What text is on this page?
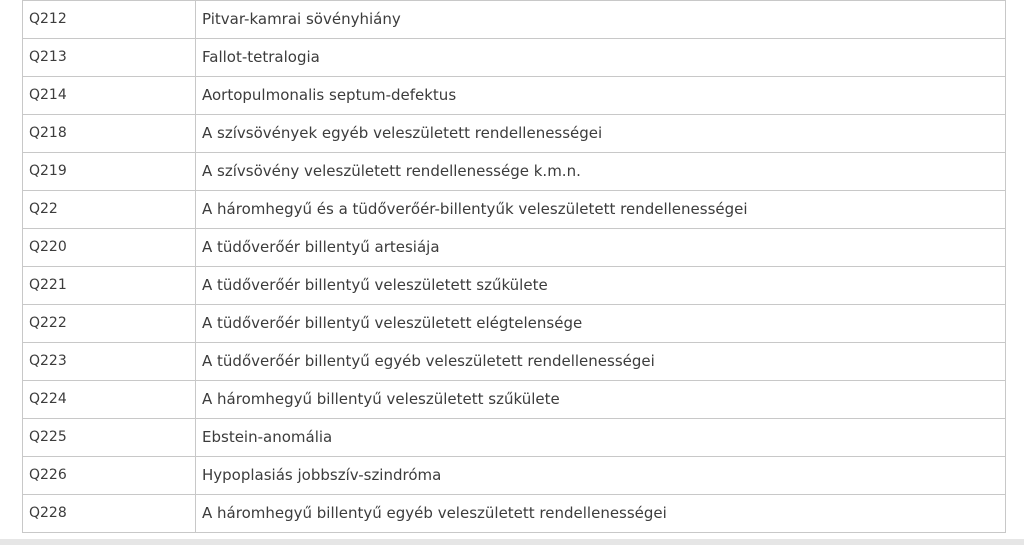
Q212	Pitvar-kamrai sövényhiány
Q213	Fallot-tetralogia
Q214	Aortopulmonalis septum-defektus
Q218	A szívsövények egyéb veleszületett rendellenességei
Q219	A szívsövény veleszületett rendellenessége k.m.n.
Q22	A háromhegyű és a tüdőverőér-billentyűk veleszületett rendellenességei
Q220	A tüdőverőér billentyű artesiája
Q221	A tüdőverőér billentyű veleszületett szűkülete
Q222	A tüdőverőér billentyű veleszületett elégtelensége
Q223	A tüdőverőér billentyű egyéb veleszületett rendellenességei
Q224	A háromhegyű billentyű veleszületett szűkülete
Q225	Ebstein-anomália
Q226	Hypoplasiás jobbszív-szindróma
Q228	A háromhegyű billentyű egyéb veleszületett rendellenességei
